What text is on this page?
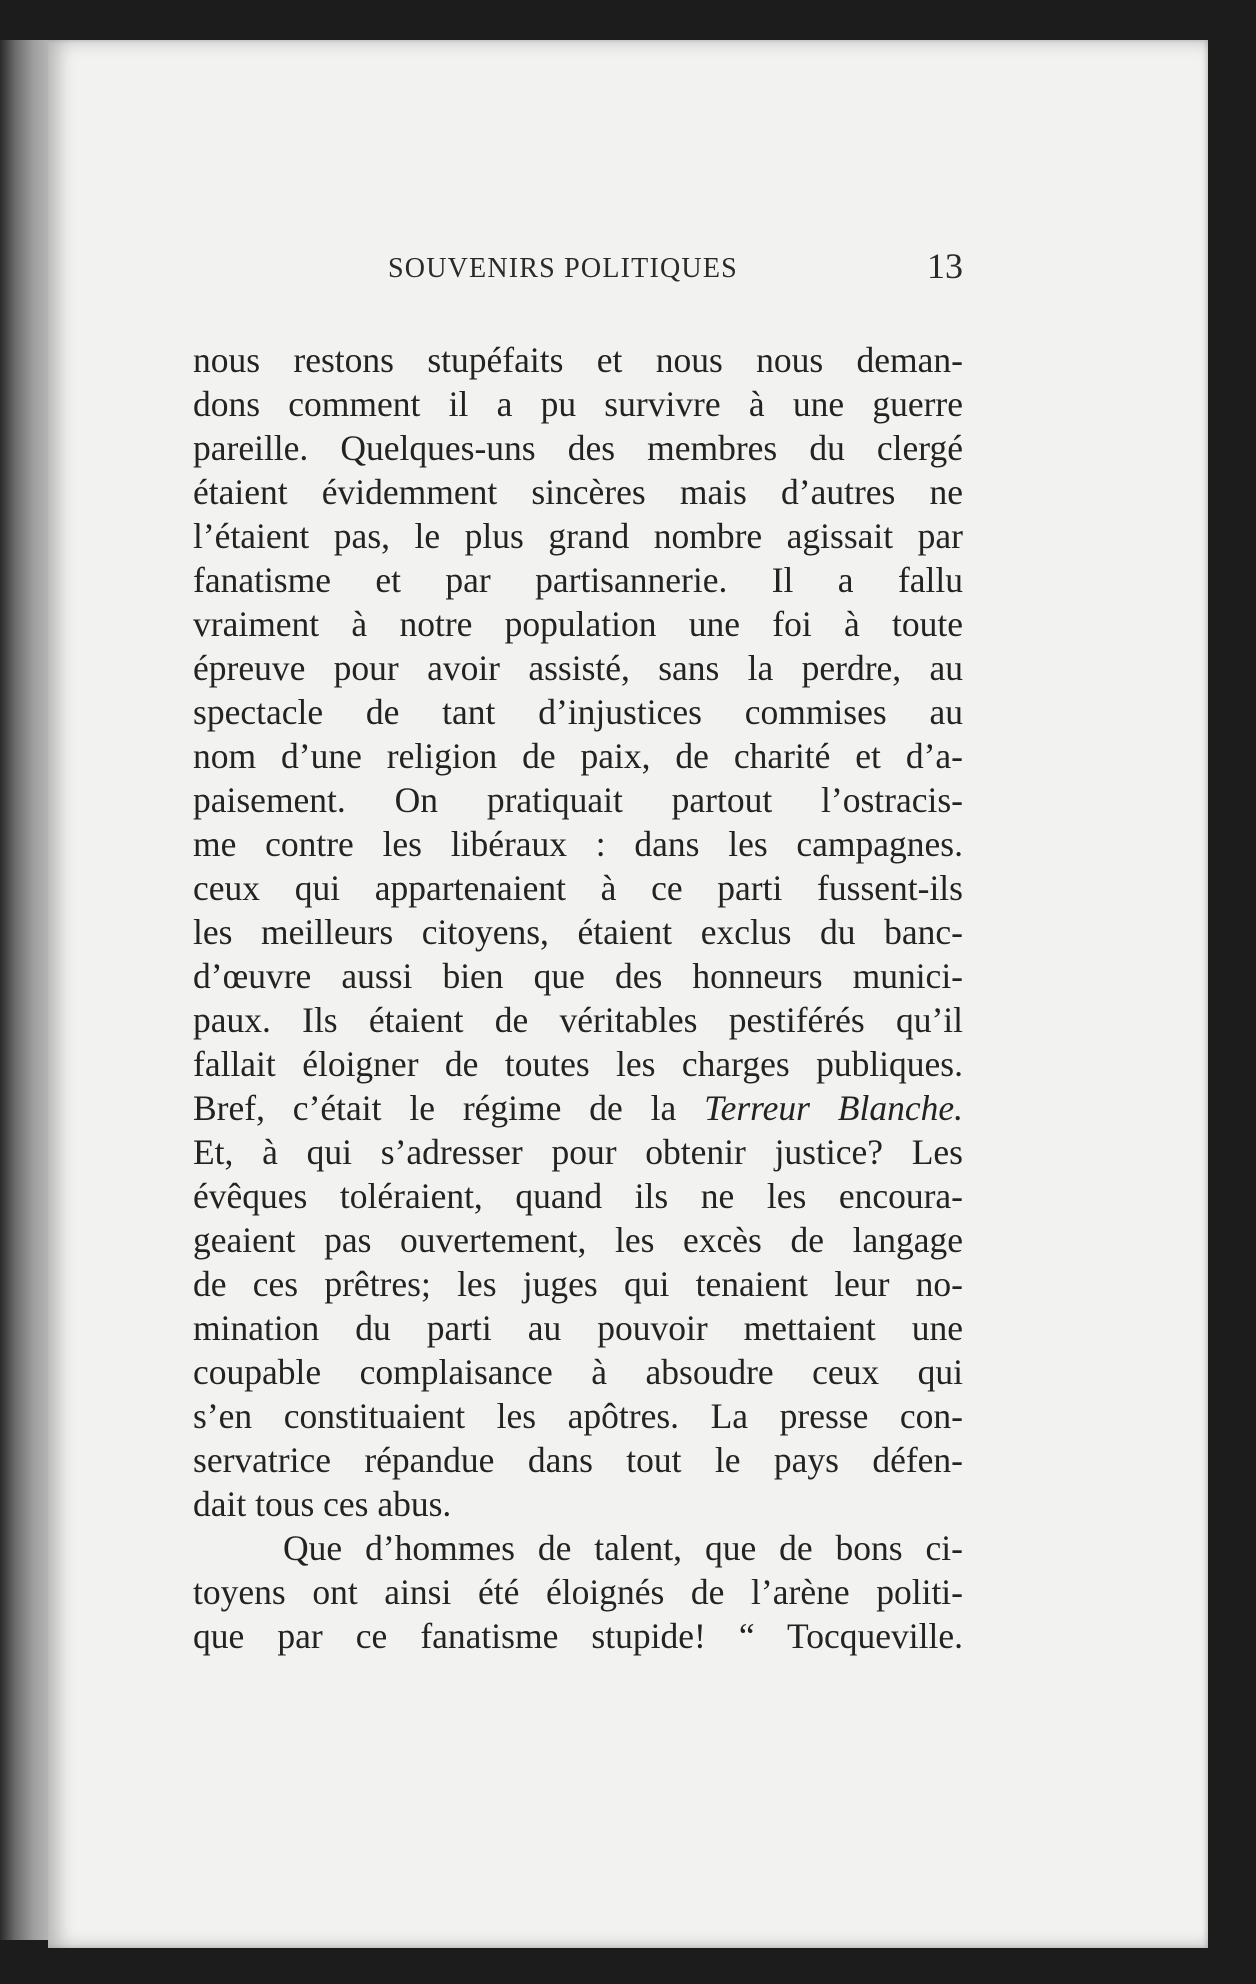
SOUVENIRS POLITIQUES	13
nous restons stupéfaits et nous nous deman-
dons comment il a pu survivre à une guerre
pareille. Quelques-uns des membres du clergé
étaient évidemment sincères mais d’autres ne
l’étaient pas, le plus grand nombre agissait par
fanatisme et par partisannerie. Il a fallu
vraiment à notre population une foi à toute
épreuve pour avoir assisté, sans la perdre, au
spectacle de tant d’injustices commises au
nom d’une religion de paix, de charité et d’a-
paisement. On pratiquait partout l’ostracis-
me contre les libéraux : dans les campagnes.
ceux qui appartenaient à ce parti fussent-ils
les meilleurs citoyens, étaient exclus du banc-
d’œuvre aussi bien que des honneurs munici-
paux. Ils étaient de véritables pestiférés qu’il
fallait éloigner de toutes les charges publiques.
Bref, c’était le régime de la Terreur Blanche.
Et, à qui s’adresser pour obtenir justice? Les
évêques toléraient, quand ils ne les encoura-
geaient pas ouvertement, les excès de langage
de ces prêtres; les juges qui tenaient leur no-
mination du parti au pouvoir mettaient une
coupable complaisance à absoudre ceux qui
s’en constituaient les apôtres. La presse con-
servatrice répandue dans tout le pays défen-
dait tous ces abus.
Que d’hommes de talent, que de bons ci-
toyens ont ainsi été éloignés de l’arène politi-
que par ce fanatisme stupide! “ Tocqueville.
